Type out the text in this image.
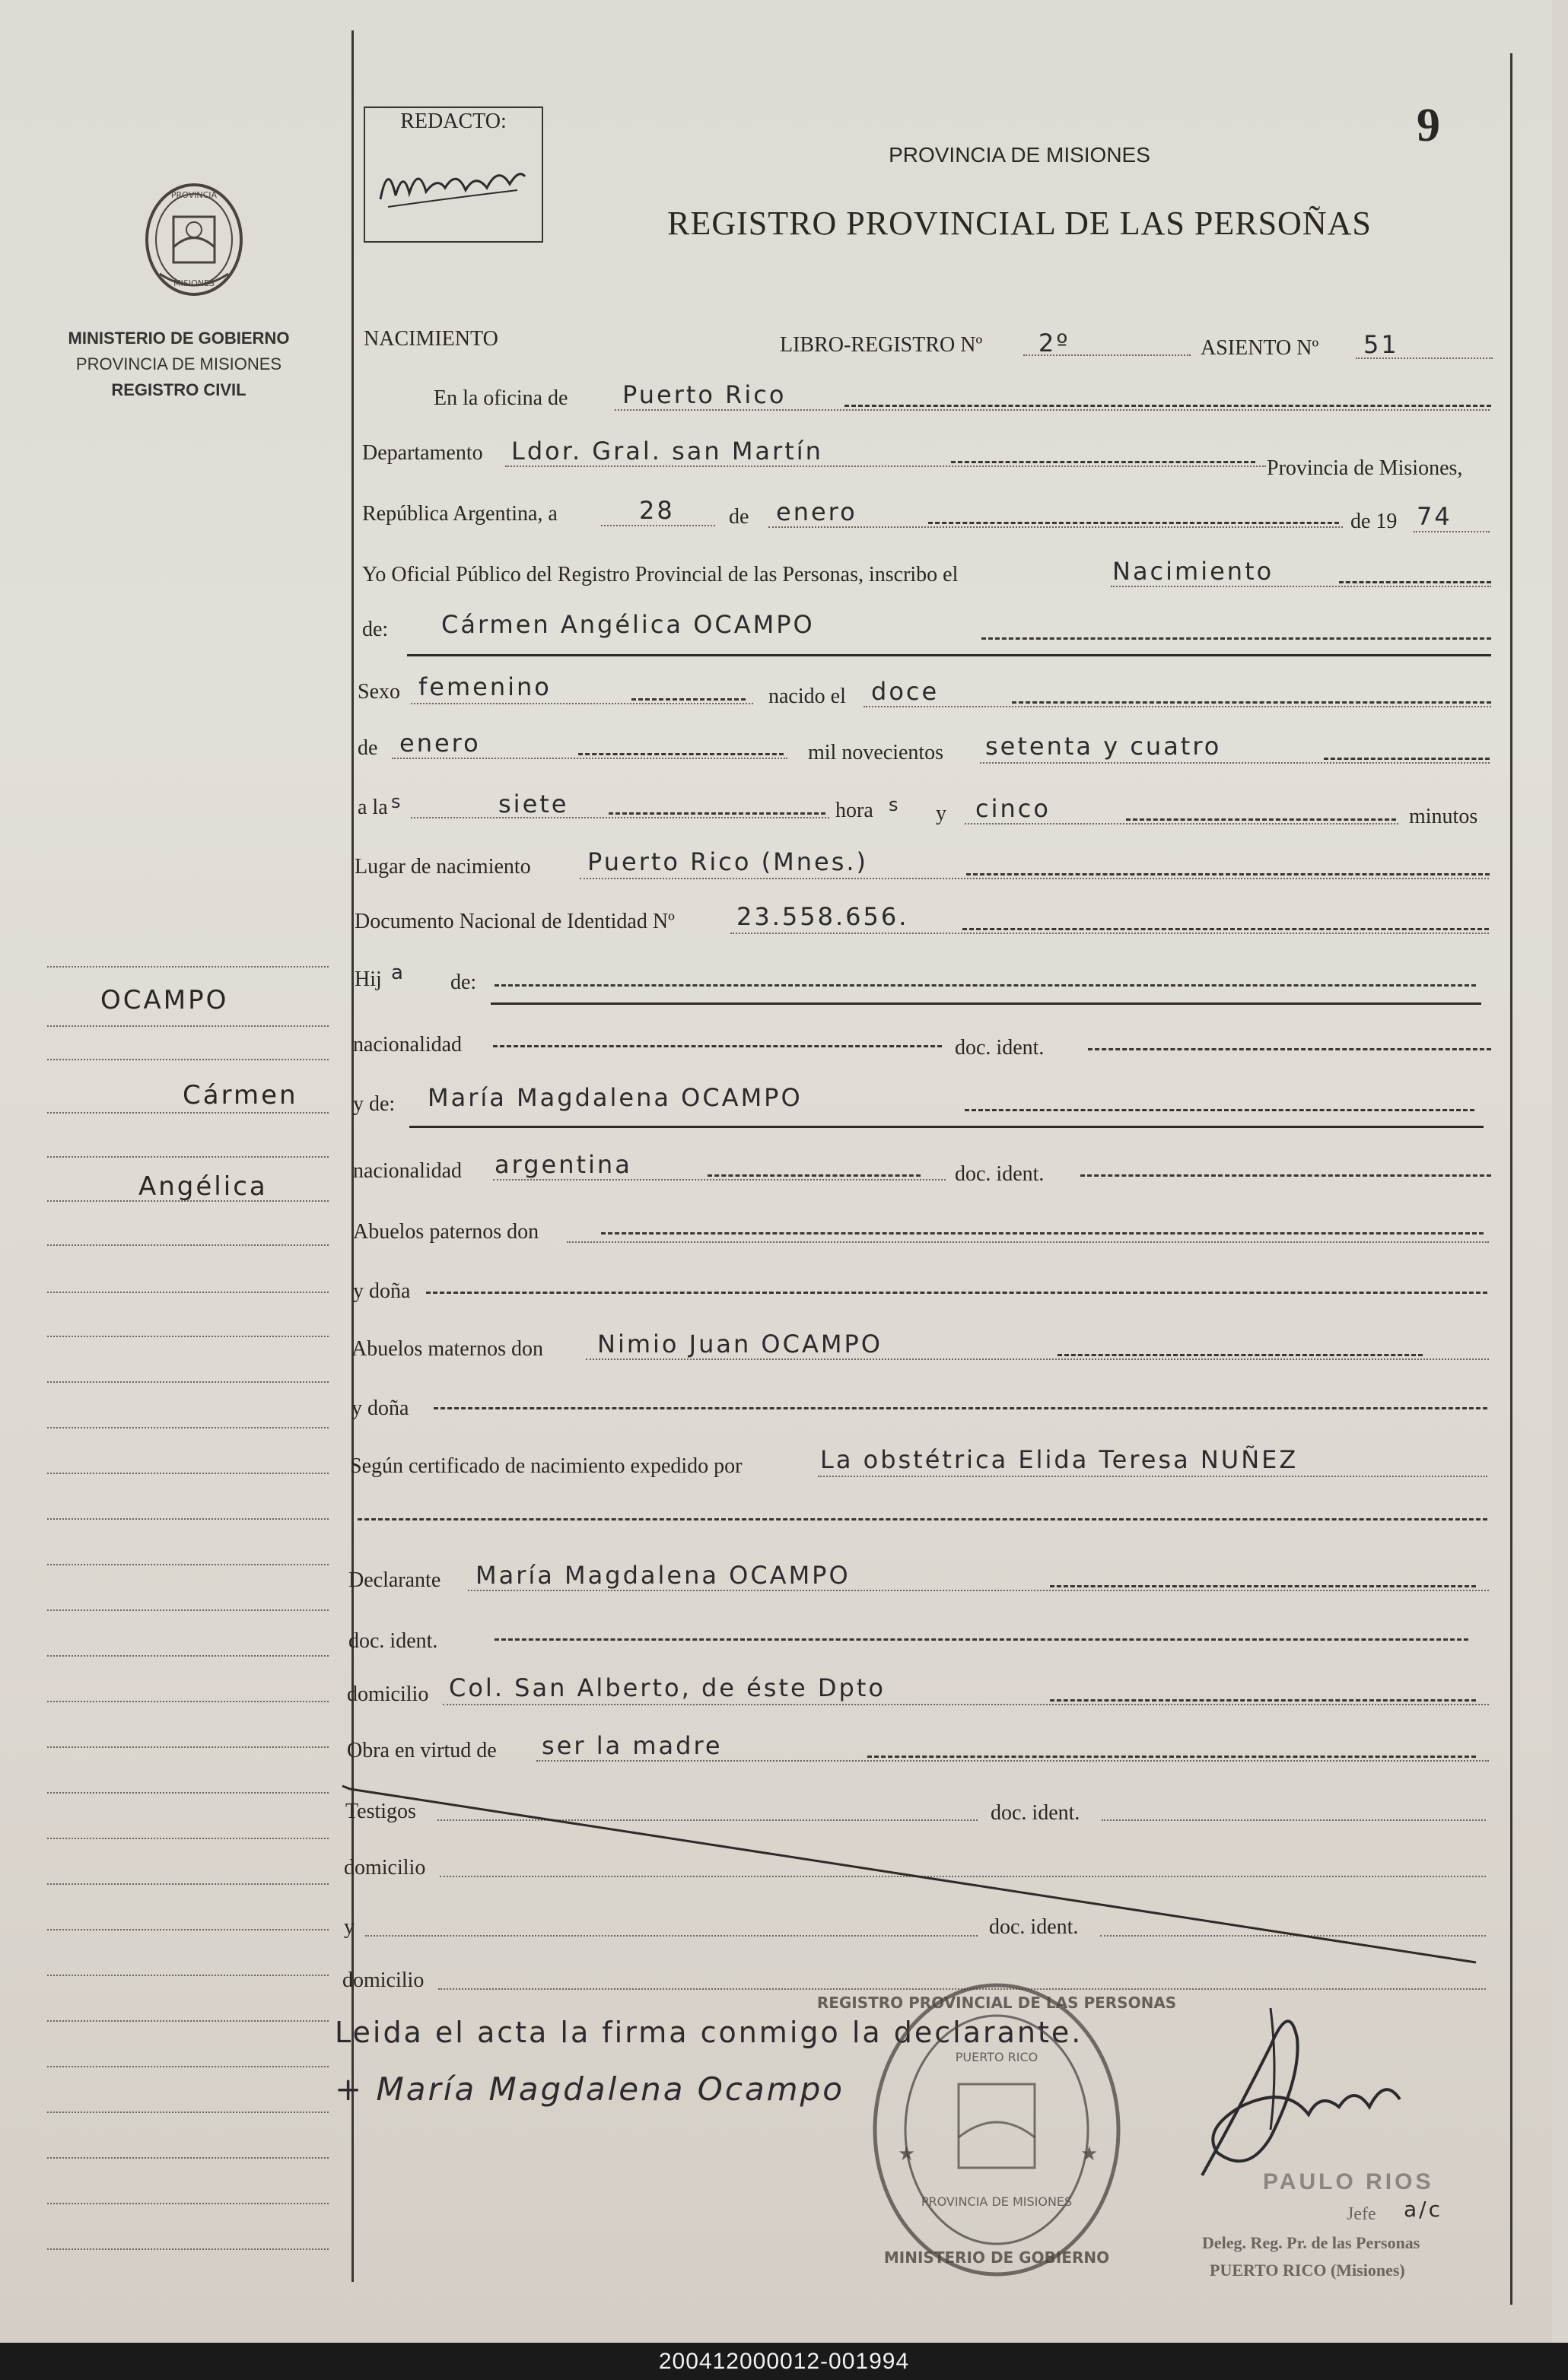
PROVINCIA
MISIONES
MINISTERIO DE GOBIERNO
PROVINCIA DE MISIONES
REGISTRO CIVIL
OCAMPO
Cármen
Angélica
REDACTO:
PROVINCIA DE MISIONES
REGISTRO PROVINCIAL DE LAS PERSOÑAS
9
NACIMIENTO	LIBRO-REGISTRO Nº 2º	ASIENTO Nº 51
En la oficina de Puerto Rico
Departamento Ldor. Gral. san Martín
Provincia de Misiones,
República Argentina, a	28	de enero	de 19 74
Yo Oficial Público del Registro Provincial de las Personas, inscribo el	Nacimiento
de: Cármen Angélica OCAMPO
Sexo femenino	nacido el doce
de enero	mil novecientos setenta y cuatro
a la s	siete	hora s y cinco	minutos
Lugar de nacimiento Puerto Rico (Mnes.)
Documento Nacional de Identidad Nº	23.558.656.
Hij a de:
nacionalidad	doc. ident.
y de: María Magdalena OCAMPO
nacionalidad argentina	doc. ident.
Abuelos paternos don
y doña
Abuelos maternos don Nimio Juan OCAMPO
y doña
Según certificado de nacimiento expedido por	La obstétrica Elida Teresa NUÑEZ
Declarante María Magdalena OCAMPO
doc. ident.
domicilio Col. San Alberto, de éste Dpto
Obra en virtud de ser la madre
Testigos	doc. ident.
domicilio
y	doc. ident.
domicilio
Leida el acta la firma conmigo la declarante.
+ María Magdalena Ocampo
REGISTRO PROVINCIAL DE LAS PERSONAS
PUERTO RICO
PROVINCIA DE MISIONES
MINISTERIO DE GOBIERNO
★	★
PAULO RIOS
Jefe a/c
Deleg. Reg. Pr. de las Personas
PUERTO RICO (Misiones)
200412000012-001994
